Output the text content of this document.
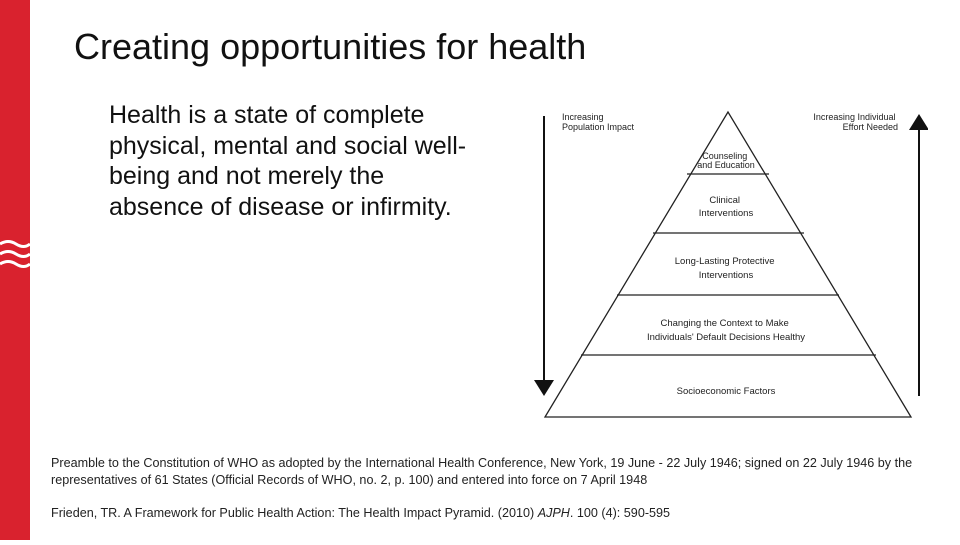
Creating opportunities for health
Health is a state of complete physical, mental and social well-being and not merely the absence of disease or infirmity.
Increasing Population Impact
Increasing Individual Effort Needed
Counseling and Education
Clinical Interventions
Long-Lasting Protective Interventions
Changing the Context to Make Individuals' Default Decisions Healthy
Socioeconomic Factors

Preamble to the Constitution of WHO as adopted by the International Health Conference, New York, 19 June - 22 July 1946; signed on 22 July 1946 by the representatives of 61 States (Official Records of WHO, no. 2, p. 100) and entered into force on 7 April 1948

Frieden, TR. A Framework for Public Health Action: The Health Impact Pyramid. (2010) AJPH. 100 (4): 590-595
